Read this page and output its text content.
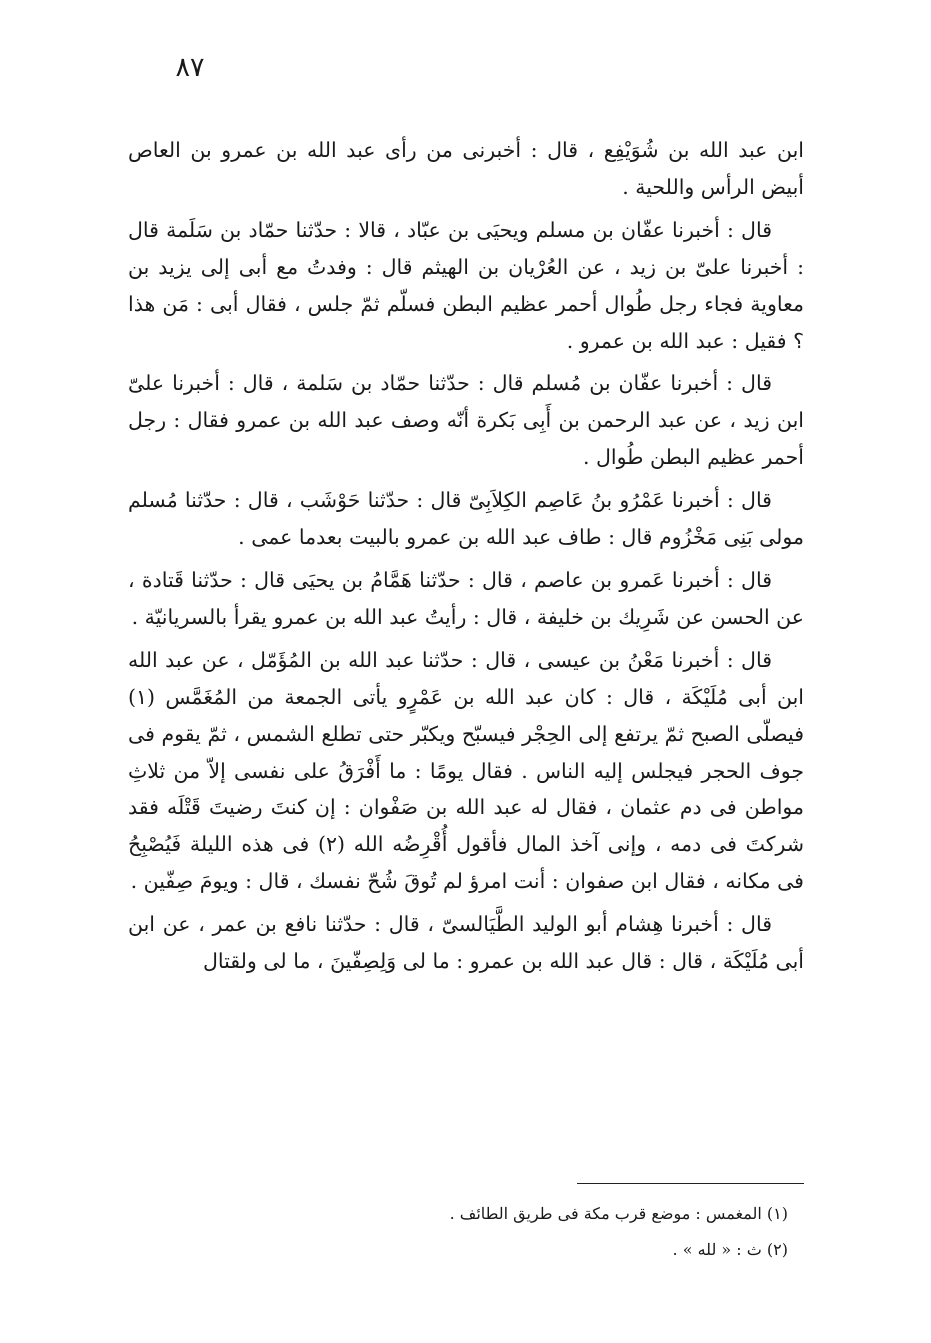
٨٧

ابن عبد الله بن شُوَيْفِع ، قال : أخبرنى من رأى عبد الله بن عمرو بن العاص أبيض الرأس واللحية .

قال : أخبرنا عفّان بن مسلم ويحيَى بن عبّاد ، قالا : حدّثنا حمّاد بن سَلَمة قال : أخبرنا علىّ بن زيد ، عن العُرْيان بن الهيثم قال : وفدتُ مع أبى إلى يزيد بن معاوية فجاء رجل طُوال أحمر عظيم البطن فسلّم ثمّ جلس ، فقال أبى : مَن هذا ؟ فقيل : عبد الله بن عمرو .

قال : أخبرنا عفّان بن مُسلم قال : حدّثنا حمّاد بن سَلمة ، قال : أخبرنا علىّ ابن زيد ، عن عبد الرحمن بن أَبِى بَكرة أنّه وصف عبد الله بن عمرو فقال : رجل أحمر عظيم البطن طُوال .

قال : أخبرنا عَمْرُو بنُ عَاصِم الكِلاَبِىّ قال : حدّثنا حَوْشَب ، قال : حدّثنا مُسلم مولى بَنِى مَخْزُوم قال : طاف عبد الله بن عمرو بالبيت بعدما عمى .

قال : أخبرنا عَمرو بن عاصم ، قال : حدّثنا هَمَّامُ بن يحيَى قال : حدّثنا قَتادة ، عن الحسن عن شَرِيك بن خليفة ، قال : رأيتُ عبد الله بن عمرو يقرأ بالسريانيّة .

قال : أخبرنا مَعْنُ بن عيسى ، قال : حدّثنا عبد الله بن المُؤَمّل ، عن عبد الله ابن أبى مُلَيْكَة ، قال : كان عبد الله بن عَمْرٍو يأتى الجمعة من المُغَمَّس (١) فيصلّى الصبح ثمّ يرتفع إلى الحِجْر فيسبّح ويكبّر حتى تطلع الشمس ، ثمّ يقوم فى جوف الحجر فيجلس إليه الناس . فقال يومًا : ما أَفْرَقُ على نفسى إلاّ من ثلاثِ مواطن فى دم عثمان ، فقال له عبد الله بن صَفْوان : إن كنتَ رضيتَ قَتْلَه فقد شركتَ فى دمه ، وإنى آخذ المال فأقول أُقْرِضُه الله (٢) فى هذه الليلة فَيُصْبِحُ فى مكانه ، فقال ابن صفوان : أنت امرؤ لم تُوقَ شُحّ نفسك ، قال : ويومَ صِفّين .

قال : أخبرنا هِشام أبو الوليد الطَّيَالسىّ ، قال : حدّثنا نافع بن عمر ، عن ابن أبى مُلَيْكَة ، قال : قال عبد الله بن عمرو : ما لى وَلِصِفّينَ ، ما لى ولقتال

(١) المغمس : موضع قرب مكة فى طريق الطائف .
(٢) ث : « لله » .
